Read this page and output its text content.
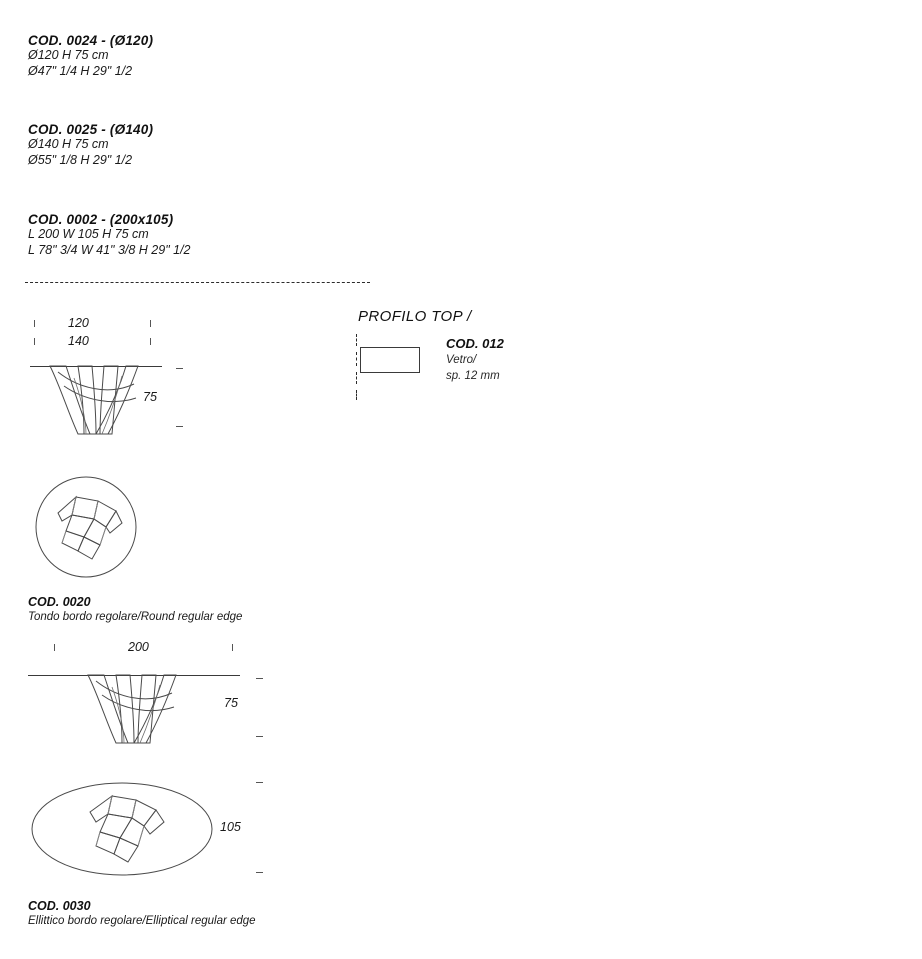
COD. 0024 - (Ø120)
Ø120 H 75 cm
Ø47" 1/4 H 29" 1/2
COD. 0025 - (Ø140)
Ø140 H 75 cm
Ø55" 1/8 H 29" 1/2
COD. 0002 - (200x105)
L 200 W 105 H 75 cm
L 78" 3/4 W 41" 3/8 H 29" 1/2
120
140
75
PROFILO TOP /
COD. 012
Vetro/
sp. 12 mm
COD. 0020
Tondo bordo regolare/Round regular edge
200
75
105
COD. 0030
Ellittico bordo regolare/Elliptical regular edge
